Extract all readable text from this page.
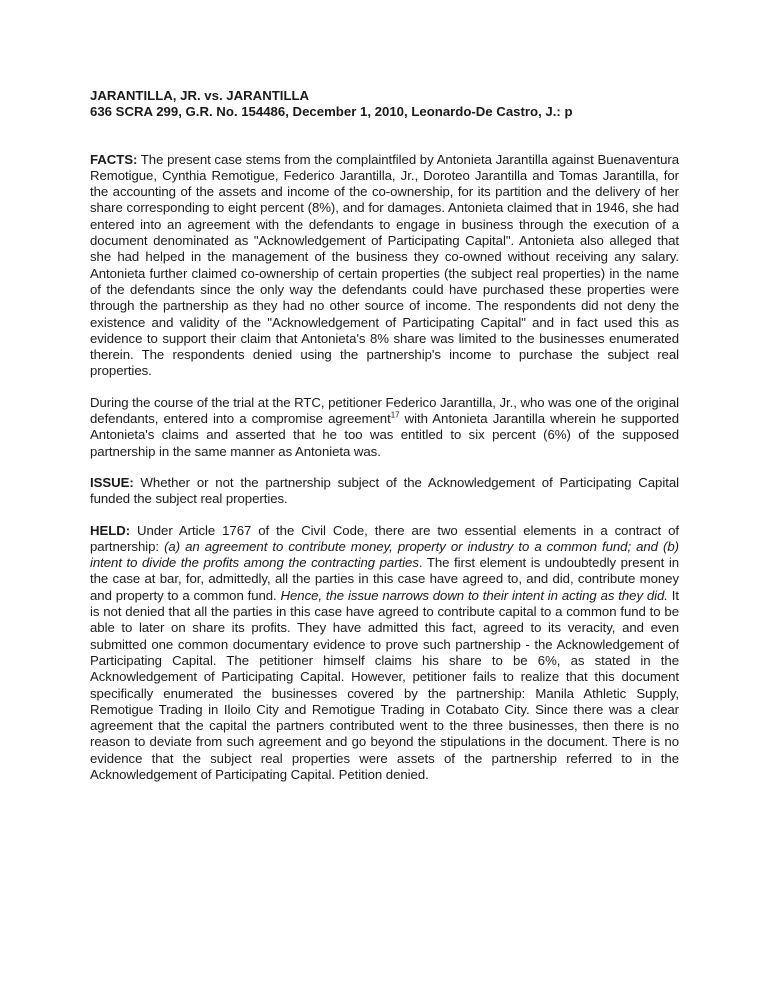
JARANTILLA, JR. vs. JARANTILLA
636 SCRA 299, G.R. No. 154486, December 1, 2010, Leonardo-De Castro, J.: p

FACTS: The present case stems from the complaintfiled by Antonieta Jarantilla against Buenaventura Remotigue, Cynthia Remotigue, Federico Jarantilla, Jr., Doroteo Jarantilla and Tomas Jarantilla, for the accounting of the assets and income of the co-ownership, for its partition and the delivery of her share corresponding to eight percent (8%), and for damages. Antonieta claimed that in 1946, she had entered into an agreement with the defendants to engage in business through the execution of a document denominated as "Acknowledgement of Participating Capital". Antonieta also alleged that she had helped in the management of the business they co-owned without receiving any salary. Antonieta further claimed co-ownership of certain properties (the subject real properties) in the name of the defendants since the only way the defendants could have purchased these properties were through the partnership as they had no other source of income. The respondents did not deny the existence and validity of the "Acknowledgement of Participating Capital" and in fact used this as evidence to support their claim that Antonieta's 8% share was limited to the businesses enumerated therein. The respondents denied using the partnership's income to purchase the subject real properties.

During the course of the trial at the RTC, petitioner Federico Jarantilla, Jr., who was one of the original defendants, entered into a compromise agreement$^{17}$ with Antonieta Jarantilla wherein he supported Antonieta's claims and asserted that he too was entitled to six percent (6%) of the supposed partnership in the same manner as Antonieta was.

ISSUE: Whether or not the partnership subject of the Acknowledgement of Participating Capital funded the subject real properties.

HELD: Under Article 1767 of the Civil Code, there are two essential elements in a contract of partnership: (a) an agreement to contribute money, property or industry to a common fund; and (b) intent to divide the profits among the contracting parties. The first element is undoubtedly present in the case at bar, for, admittedly, all the parties in this case have agreed to, and did, contribute money and property to a common fund. Hence, the issue narrows down to their intent in acting as they did. It is not denied that all the parties in this case have agreed to contribute capital to a common fund to be able to later on share its profits. They have admitted this fact, agreed to its veracity, and even submitted one common documentary evidence to prove such partnership - the Acknowledgement of Participating Capital. The petitioner himself claims his share to be 6%, as stated in the Acknowledgement of Participating Capital. However, petitioner fails to realize that this document specifically enumerated the businesses covered by the partnership: Manila Athletic Supply, Remotigue Trading in Iloilo City and Remotigue Trading in Cotabato City. Since there was a clear agreement that the capital the partners contributed went to the three businesses, then there is no reason to deviate from such agreement and go beyond the stipulations in the document. There is no evidence that the subject real properties were assets of the partnership referred to in the Acknowledgement of Participating Capital. Petition denied.
